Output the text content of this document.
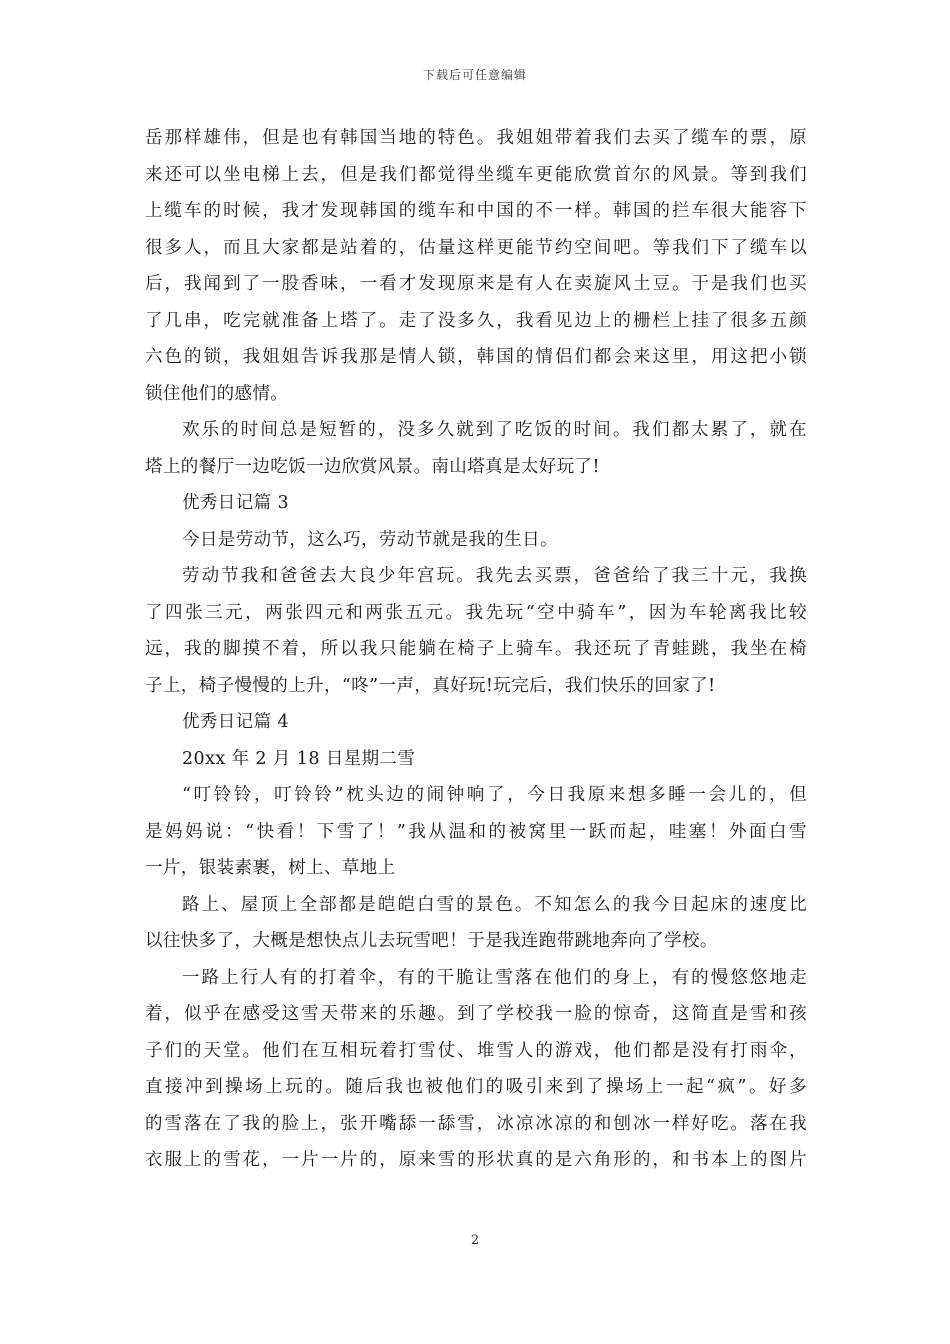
下载后可任意编辑
岳那样雄伟，但是也有韩国当地的特色。我姐姐带着我们去买了缆车的票，原
来还可以坐电梯上去，但是我们都觉得坐缆车更能欣赏首尔的风景。等到我们
上缆车的时候，我才发现韩国的缆车和中国的不一样。韩国的拦车很大能容下
很多人，而且大家都是站着的，估量这样更能节约空间吧。等我们下了缆车以
后，我闻到了一股香味，一看才发现原来是有人在卖旋风土豆。于是我们也买
了几串，吃完就准备上塔了。走了没多久，我看见边上的栅栏上挂了很多五颜
六色的锁，我姐姐告诉我那是情人锁，韩国的情侣们都会来这里，用这把小锁
锁住他们的感情。
欢乐的时间总是短暂的，没多久就到了吃饭的时间。我们都太累了，就在
塔上的餐厅一边吃饭一边欣赏风景。南山塔真是太好玩了!
优秀日记篇 3
今日是劳动节，这么巧，劳动节就是我的生日。
劳动节我和爸爸去大良少年宫玩。我先去买票，爸爸给了我三十元，我换
了四张三元，两张四元和两张五元。我先玩“空中骑车”，因为车轮离我比较
远，我的脚摸不着，所以我只能躺在椅子上骑车。我还玩了青蛙跳，我坐在椅
子上，椅子慢慢的上升，“咚”一声，真好玩!玩完后，我们快乐的回家了!
优秀日记篇 4
20xx 年 2 月 18 日星期二雪
“叮铃铃，叮铃铃”枕头边的闹钟响了，今日我原来想多睡一会儿的，但
是妈妈说：“快看！下雪了！”我从温和的被窝里一跃而起，哇塞！外面白雪
一片，银装素裹，树上、草地上
路上、屋顶上全部都是皑皑白雪的景色。不知怎么的我今日起床的速度比
以往快多了，大概是想快点儿去玩雪吧！于是我连跑带跳地奔向了学校。
一路上行人有的打着伞，有的干脆让雪落在他们的身上，有的慢悠悠地走
着，似乎在感受这雪天带来的乐趣。到了学校我一脸的惊奇，这简直是雪和孩
子们的天堂。他们在互相玩着打雪仗、堆雪人的游戏，他们都是没有打雨伞，
直接冲到操场上玩的。随后我也被他们的吸引来到了操场上一起“疯”。好多
的雪落在了我的脸上，张开嘴舔一舔雪，冰凉冰凉的和刨冰一样好吃。落在我
衣服上的雪花，一片一片的，原来雪的形状真的是六角形的，和书本上的图片
2
